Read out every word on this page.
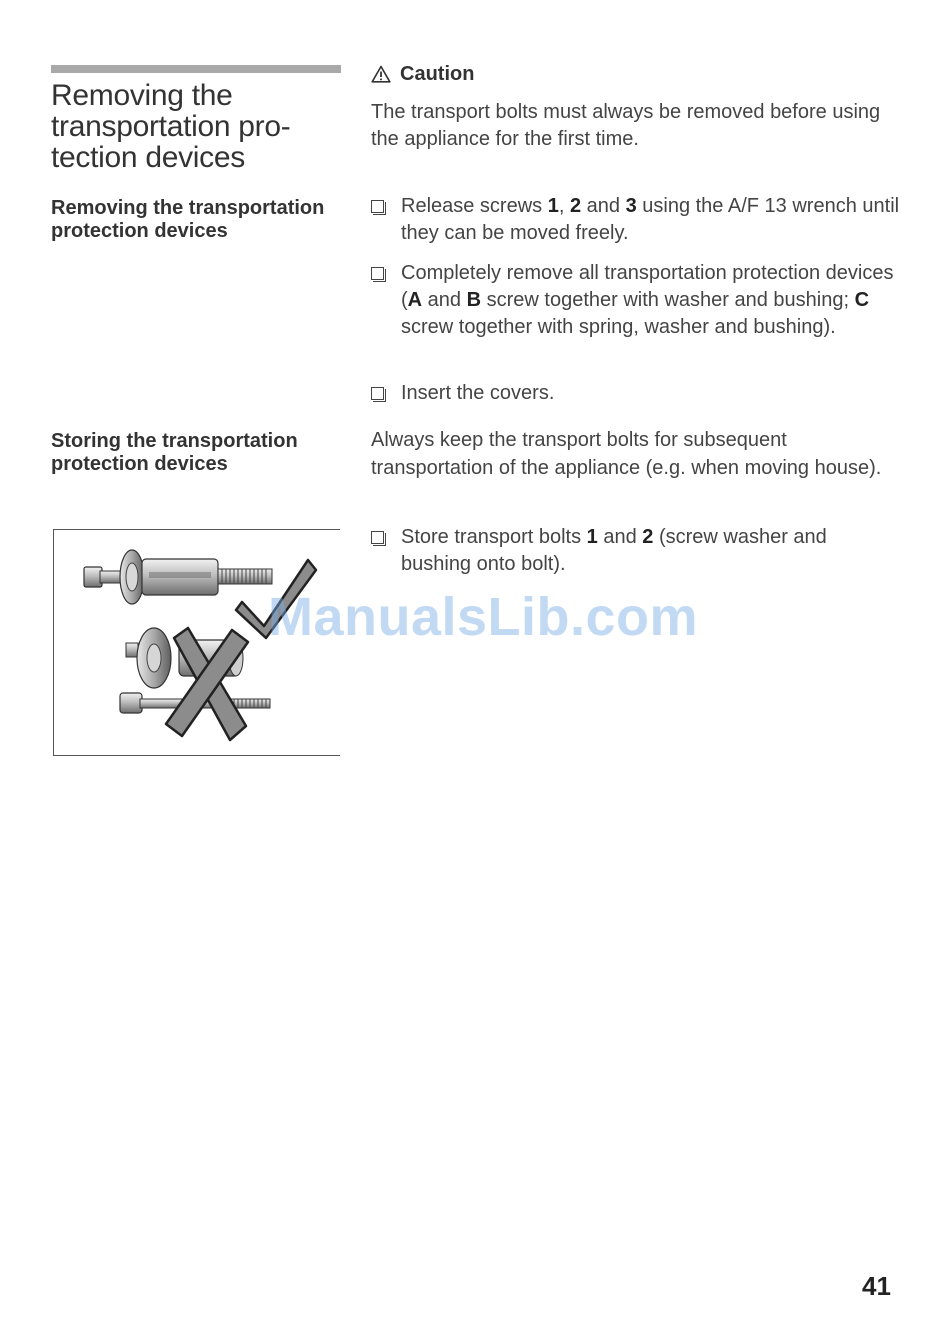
Removing the
transportation pro-
tection devices
Removing the transportation protection devices
Storing the transportation protection devices
Caution

The transport bolts must always be removed before using the appliance for the first time.

Release screws 1, 2 and 3 using the A/F 13 wrench until they can be moved freely.
Completely remove all transportation protection devices (A and B screw together with washer and bushing; C screw together with spring, washer and bushing).
Insert the covers.

Always keep the transport bolts for subsequent transportation of the appliance (e.g. when moving house).

Store transport bolts 1 and 2 (screw washer and bushing onto bolt).
ManualsLib.com
41
